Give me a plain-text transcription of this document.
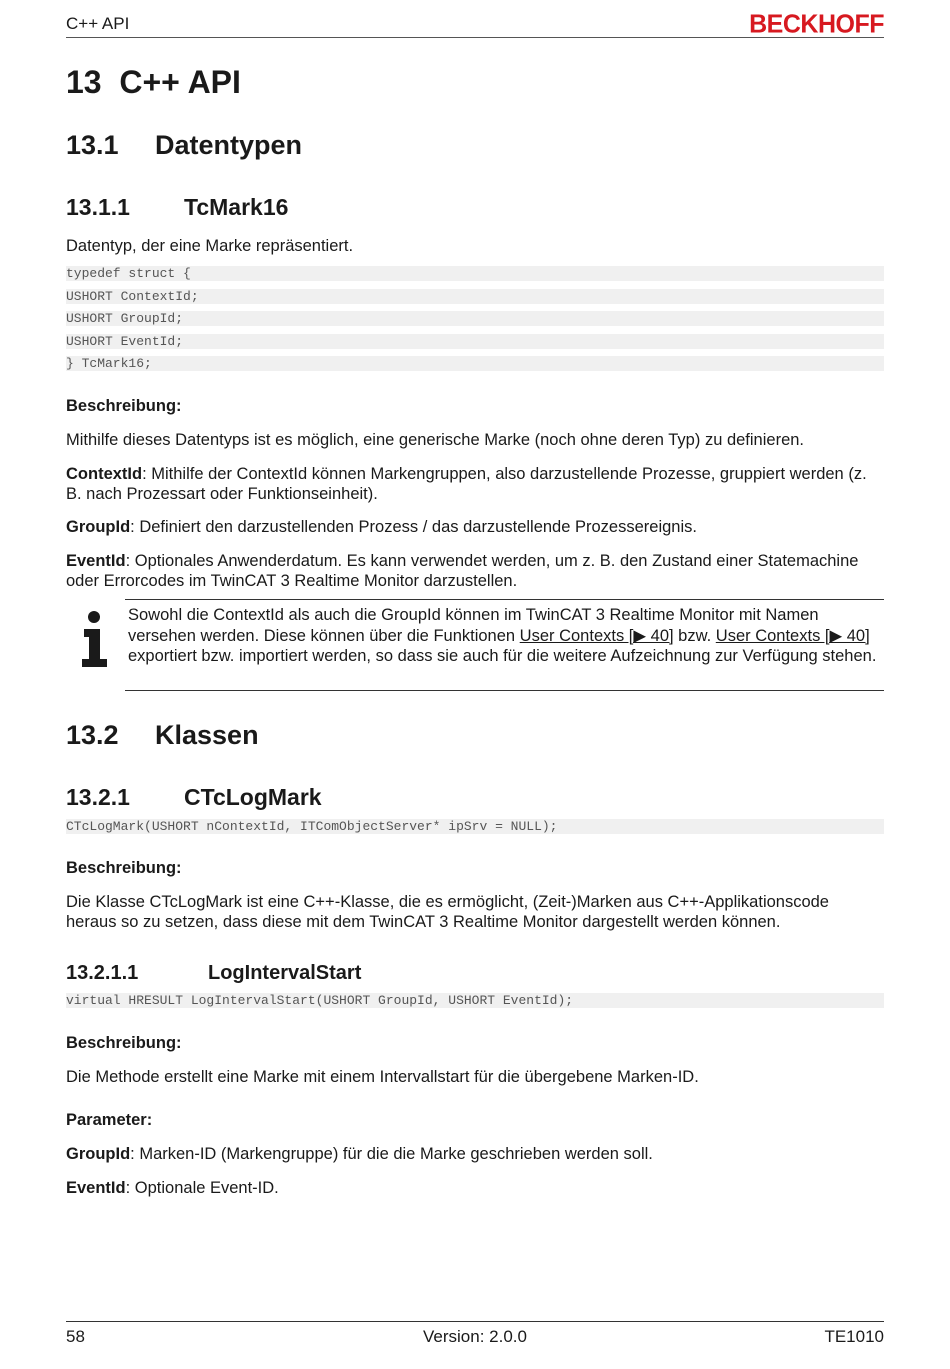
C++ API	BECKHOFF
13 C++ API
13.1 Datentypen
13.1.1 TcMark16

Datentyp, der eine Marke repräsentiert.

typedef struct {
USHORT ContextId;
USHORT GroupId;
USHORT EventId;
} TcMark16;

Beschreibung:

Mithilfe dieses Datentyps ist es möglich, eine generische Marke (noch ohne deren Typ) zu definieren.

ContextId: Mithilfe der ContextId können Markengruppen, also darzustellende Prozesse, gruppiert werden (z. B. nach Prozessart oder Funktionseinheit).

GroupId: Definiert den darzustellenden Prozess / das darzustellende Prozessereignis.

EventId: Optionales Anwenderdatum. Es kann verwendet werden, um z. B. den Zustand einer Statemachine oder Errorcodes im TwinCAT 3 Realtime Monitor darzustellen.

Sowohl die ContextId als auch die GroupId können im TwinCAT 3 Realtime Monitor mit Namen versehen werden. Diese können über die Funktionen User Contexts [▶ 40] bzw. User Contexts [▶ 40] exportiert bzw. importiert werden, so dass sie auch für die weitere Aufzeichnung zur Verfügung stehen.

13.2 Klassen
13.2.1 CTcLogMark
CTcLogMark(USHORT nContextId, ITComObjectServer* ipSrv = NULL);

Beschreibung:

Die Klasse CTcLogMark ist eine C++-Klasse, die es ermöglicht, (Zeit-)Marken aus C++-Applikationscode heraus so zu setzen, dass diese mit dem TwinCAT 3 Realtime Monitor dargestellt werden können.

13.2.1.1	LogIntervalStart
virtual HRESULT LogIntervalStart(USHORT GroupId, USHORT EventId);

Beschreibung:

Die Methode erstellt eine Marke mit einem Intervallstart für die übergebene Marken-ID.

Parameter:

GroupId: Marken-ID (Markengruppe) für die die Marke geschrieben werden soll.

EventId: Optionale Event-ID.

58	Version: 2.0.0	TE1010
